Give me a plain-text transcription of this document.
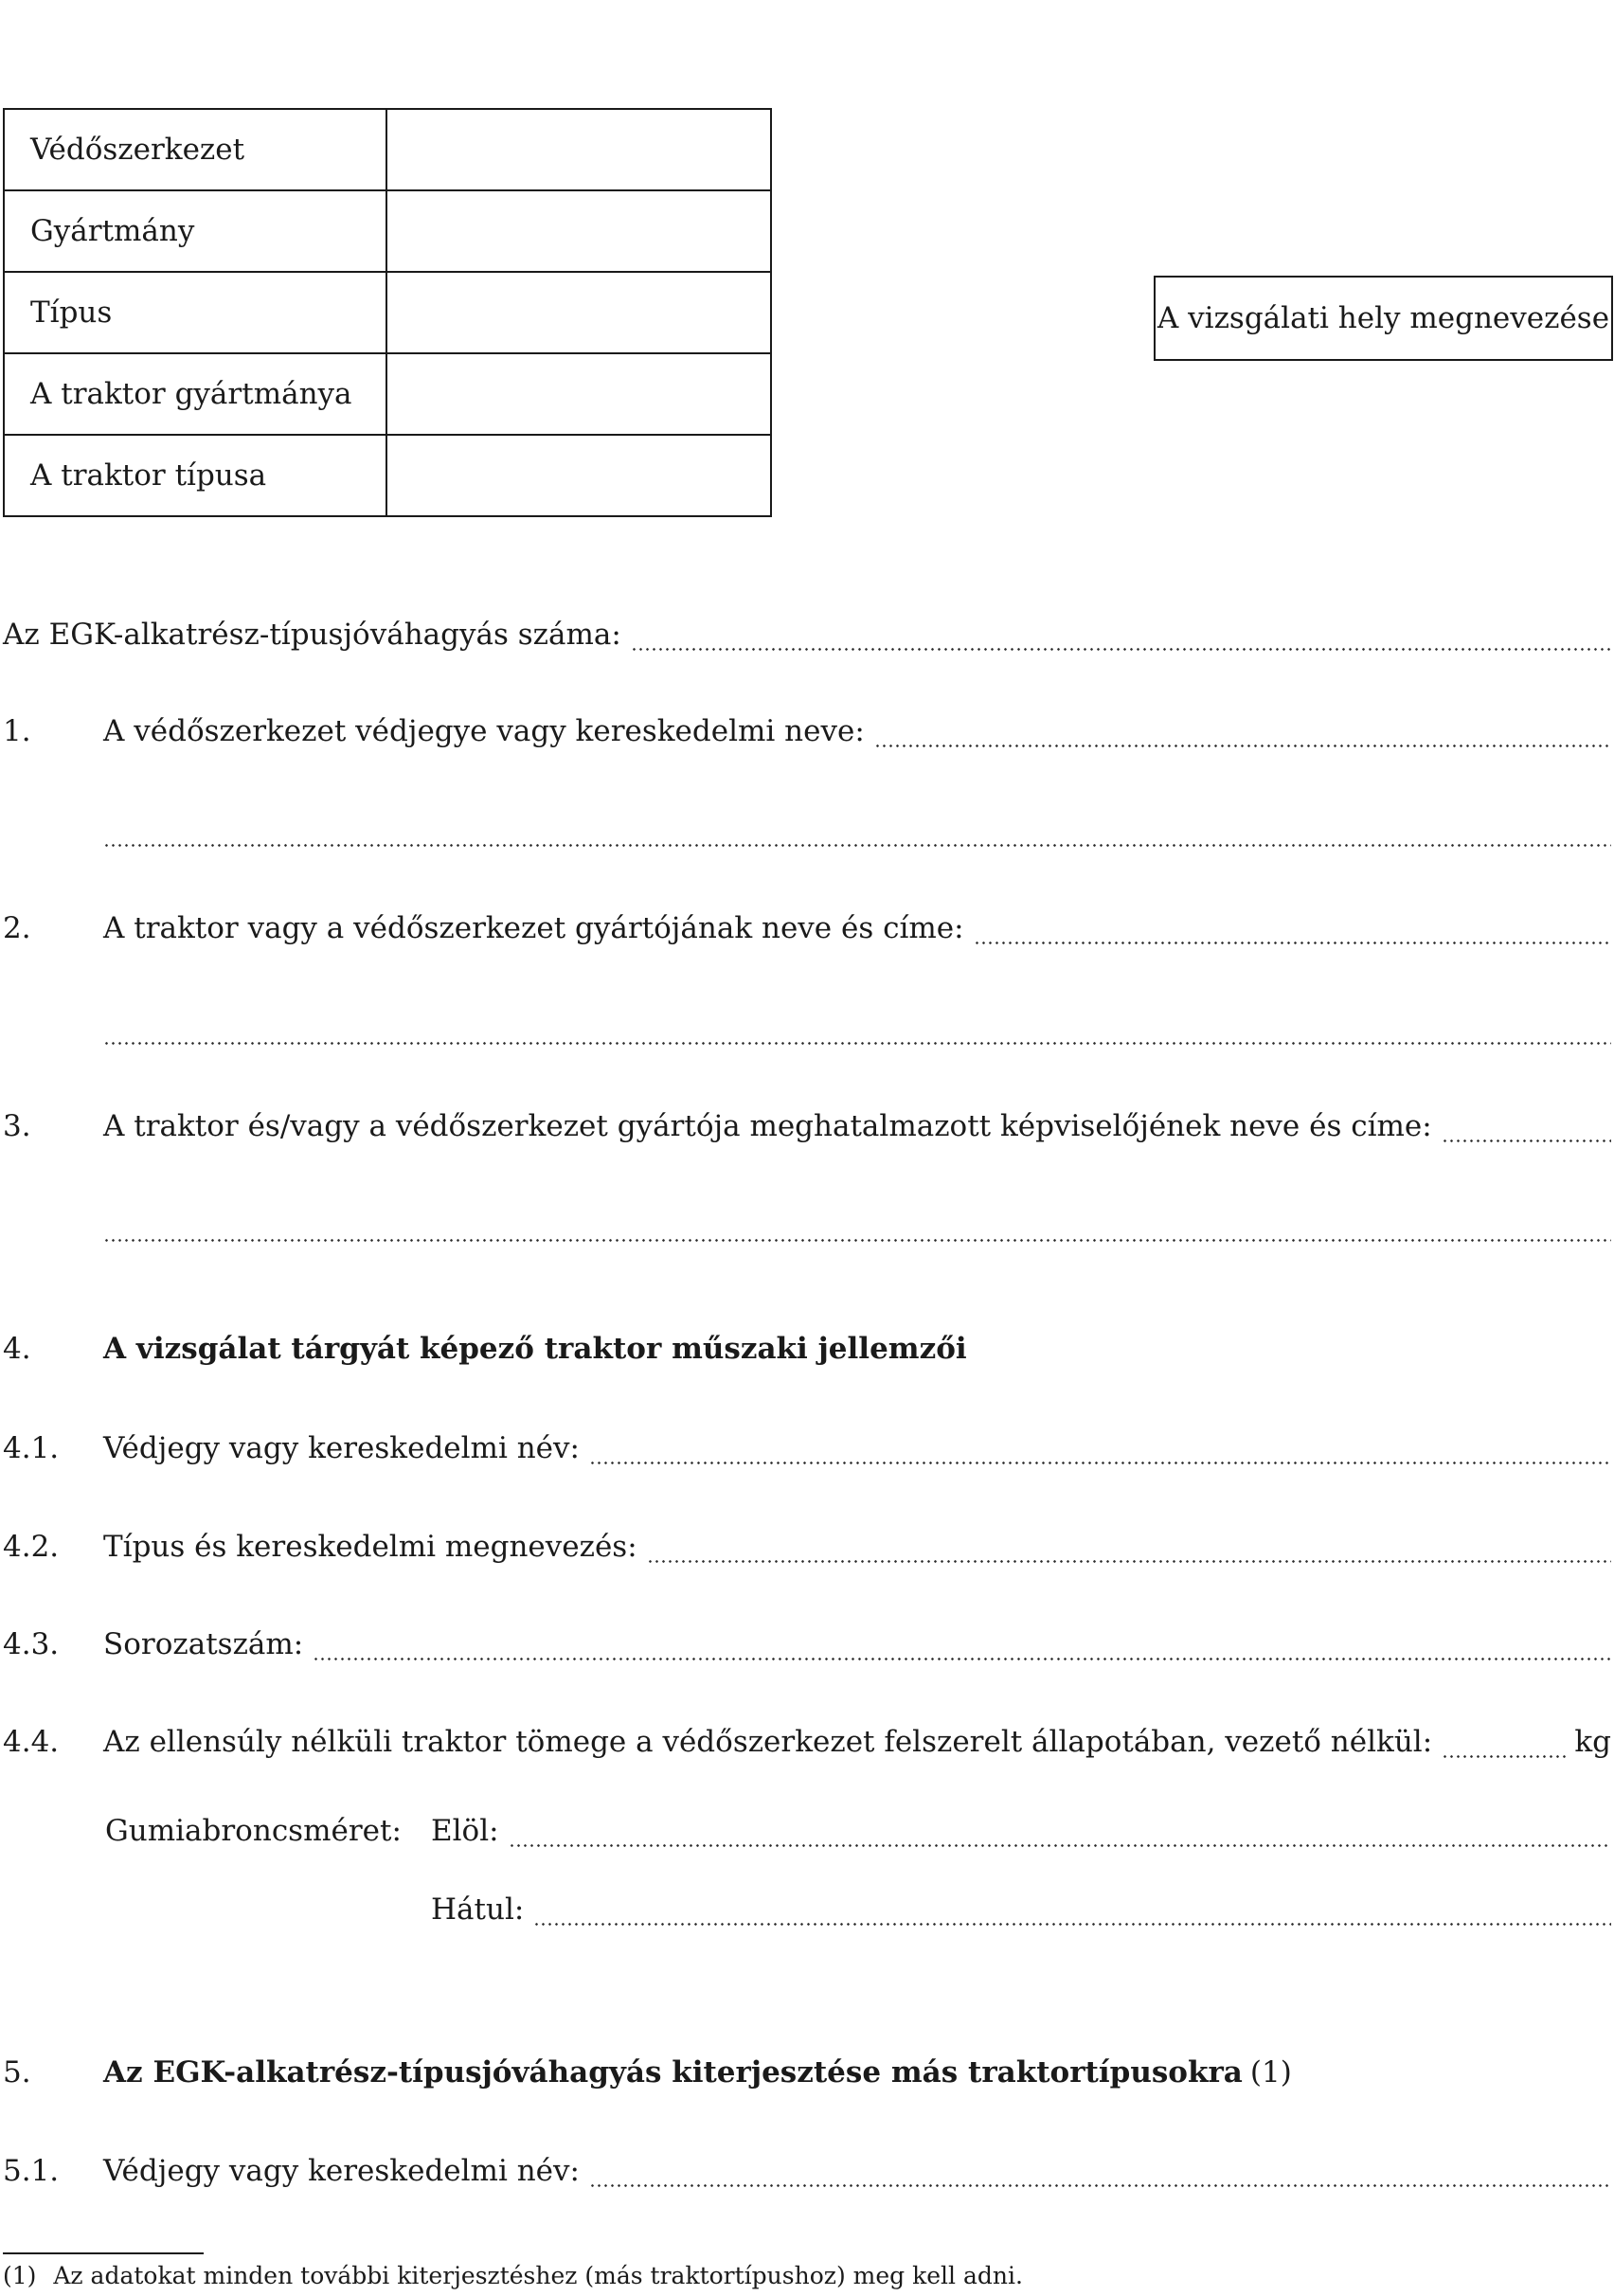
Védőszerkezet	
Gyártmány	
Típus	
A traktor gyártmánya	
A traktor típusa	
A vizsgálati hely megnevezése
Az EGK-alkatrész-típusjóváhagyás száma:
1.	A védőszerkezet védjegye vagy kereskedelmi neve:
2.	A traktor vagy a védőszerkezet gyártójának neve és címe:
3.	A traktor és/vagy a védőszerkezet gyártója meghatalmazott képviselőjének neve és címe:
4.	A vizsgálat tárgyát képező traktor műszaki jellemzői
4.1.	Védjegy vagy kereskedelmi név:
4.2.	Típus és kereskedelmi megnevezés:
4.3.	Sorozatszám:
4.4.	Az ellensúly nélküli traktor tömege a védőszerkezet felszerelt állapotában, vezető nélkül:	kg
Gumiabroncsméret: Elöl:
Hátul:
5.	Az EGK-alkatrész-típusjóváhagyás kiterjesztése más traktortípusokra (1)
5.1.	Védjegy vagy kereskedelmi név:
(1) Az adatokat minden további kiterjesztéshez (más traktortípushoz) meg kell adni.
